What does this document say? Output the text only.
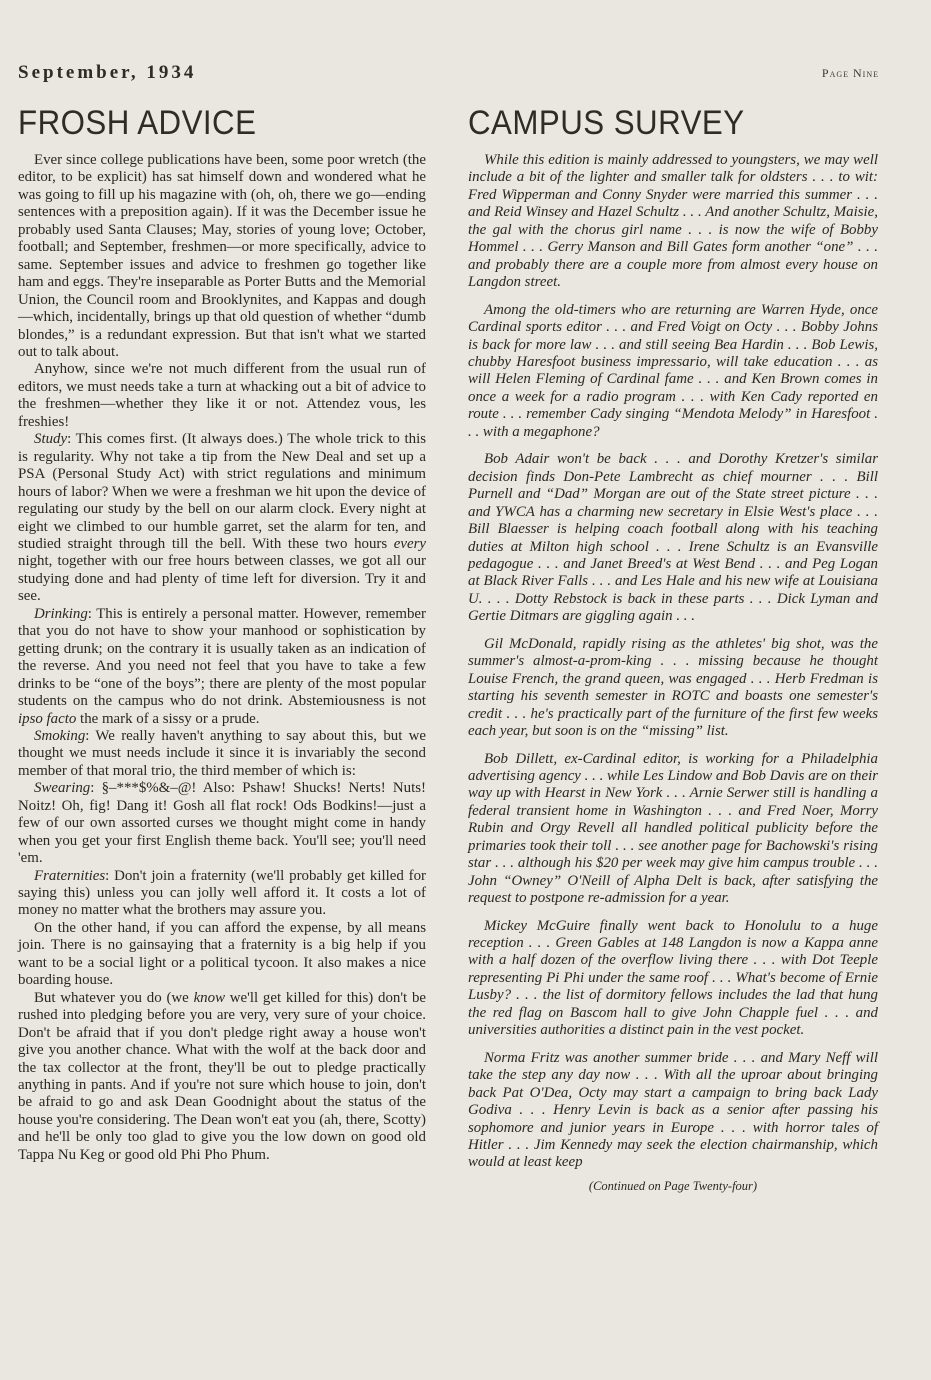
September, 1934	Page Nine
FROSH ADVICE	CAMPUS SURVEY

Ever since college publications have been, some poor wretch (the editor, to be explicit) has sat himself down and wondered what he was going to fill up his magazine with (oh, oh, there we go—ending sentences with a preposition again). If it was the December issue he probably used Santa Clauses; May, stories of young love; October, football; and September, freshmen—or more specifically, advice to same. September issues and advice to freshmen go together like ham and eggs. They're inseparable as Porter Butts and the Memorial Union, the Council room and Brooklynites, and Kappas and dough—which, incidentally, brings up that old question of whether “dumb blondes,” is a redundant expression. But that isn't what we started out to talk about.

Anyhow, since we're not much different from the usual run of editors, we must needs take a turn at whacking out a bit of advice to the freshmen—whether they like it or not. Attendez vous, les freshies!

Study: This comes first. (It always does.) The whole trick to this is regularity. Why not take a tip from the New Deal and set up a PSA (Personal Study Act) with strict regulations and minimum hours of labor? When we were a freshman we hit upon the device of regulating our study by the bell on our alarm clock. Every night at eight we climbed to our humble garret, set the alarm for ten, and studied straight through till the bell. With these two hours every night, together with our free hours between classes, we got all our studying done and had plenty of time left for diversion. Try it and see.

Drinking: This is entirely a personal matter. However, remember that you do not have to show your manhood or sophistication by getting drunk; on the contrary it is usually taken as an indication of the reverse. And you need not feel that you have to take a few drinks to be “one of the boys”; there are plenty of the most popular students on the campus who do not drink. Abstemiousness is not ipso facto the mark of a sissy or a prude.

Smoking: We really haven't anything to say about this, but we thought we must needs include it since it is invariably the second member of that moral trio, the third member of which is:

Swearing: §–***$%&–@! Also: Pshaw! Shucks! Nerts! Nuts! Noitz! Oh, fig! Dang it! Gosh all flat rock! Ods Bodkins!—just a few of our own assorted curses we thought might come in handy when you get your first English theme back. You'll see; you'll need 'em.

Fraternities: Don't join a fraternity (we'll probably get killed for saying this) unless you can jolly well afford it. It costs a lot of money no matter what the brothers may assure you.

On the other hand, if you can afford the expense, by all means join. There is no gainsaying that a fraternity is a big help if you want to be a social light or a political tycoon. It also makes a nice boarding house.

But whatever you do (we know we'll get killed for this) don't be rushed into pledging before you are very, very sure of your choice. Don't be afraid that if you don't pledge right away a house won't give you another chance. What with the wolf at the back door and the tax collector at the front, they'll be out to pledge practically anything in pants. And if you're not sure which house to join, don't be afraid to go and ask Dean Goodnight about the status of the house you're considering. The Dean won't eat you (ah, there, Scotty) and he'll be only too glad to give you the low down on good old Tappa Nu Keg or good old Phi Pho Phum.

While this edition is mainly addressed to youngsters, we may well include a bit of the lighter and smaller talk for oldsters . . . to wit: Fred Wipperman and Conny Snyder were married this summer . . . and Reid Winsey and Hazel Schultz . . . And another Schultz, Maisie, the gal with the chorus girl name . . . is now the wife of Bobby Hommel . . . Gerry Manson and Bill Gates form another “one” . . . and probably there are a couple more from almost every house on Langdon street.

Among the old-timers who are returning are Warren Hyde, once Cardinal sports editor . . . and Fred Voigt on Octy . . . Bobby Johns is back for more law . . . and still seeing Bea Hardin . . . Bob Lewis, chubby Haresfoot business impressario, will take education . . . as will Helen Fleming of Cardinal fame . . . and Ken Brown comes in once a week for a radio program . . . with Ken Cady reported en route . . . remember Cady singing “Mendota Melody” in Haresfoot . . . with a megaphone?

Bob Adair won't be back . . . and Dorothy Kretzer's similar decision finds Don-Pete Lambrecht as chief mourner . . . Bill Purnell and “Dad” Morgan are out of the State street picture . . . and YWCA has a charming new secretary in Elsie West's place . . . Bill Blaesser is helping coach football along with his teaching duties at Milton high school . . . Irene Schultz is an Evansville pedagogue . . . and Janet Breed's at West Bend . . . and Peg Logan at Black River Falls . . . and Les Hale and his new wife at Louisiana U. . . . Dotty Rebstock is back in these parts . . . Dick Lyman and Gertie Ditmars are giggling again . . .

Gil McDonald, rapidly rising as the athletes' big shot, was the summer's almost-a-prom-king . . . missing because he thought Louise French, the grand queen, was engaged . . . Herb Fredman is starting his seventh semester in ROTC and boasts one semester's credit . . . he's practically part of the furniture of the first few weeks each year, but soon is on the “missing” list.

Bob Dillett, ex-Cardinal editor, is working for a Philadelphia advertising agency . . . while Les Lindow and Bob Davis are on their way up with Hearst in New York . . . Arnie Serwer still is handling a federal transient home in Washington . . . and Fred Noer, Morry Rubin and Orgy Revell all handled political publicity before the primaries took their toll . . . see another page for Bachowski's rising star . . . although his $20 per week may give him campus trouble . . . John “Owney” O'Neill of Alpha Delt is back, after satisfying the request to postpone re-admission for a year.

Mickey McGuire finally went back to Honolulu to a huge reception . . . Green Gables at 148 Langdon is now a Kappa anne with a half dozen of the overflow living there . . . with Dot Teeple representing Pi Phi under the same roof . . . What's become of Ernie Lusby? . . . the list of dormitory fellows includes the lad that hung the red flag on Bascom hall to give John Chapple fuel . . . and universities authorities a distinct pain in the vest pocket.

Norma Fritz was another summer bride . . . and Mary Neff will take the step any day now . . . With all the uproar about bringing back Pat O'Dea, Octy may start a campaign to bring back Lady Godiva . . . Henry Levin is back as a senior after passing his sophomore and junior years in Europe . . . with horror tales of Hitler . . . Jim Kennedy may seek the election chairmanship, which would at least keep

(Continued on Page Twenty-four)
